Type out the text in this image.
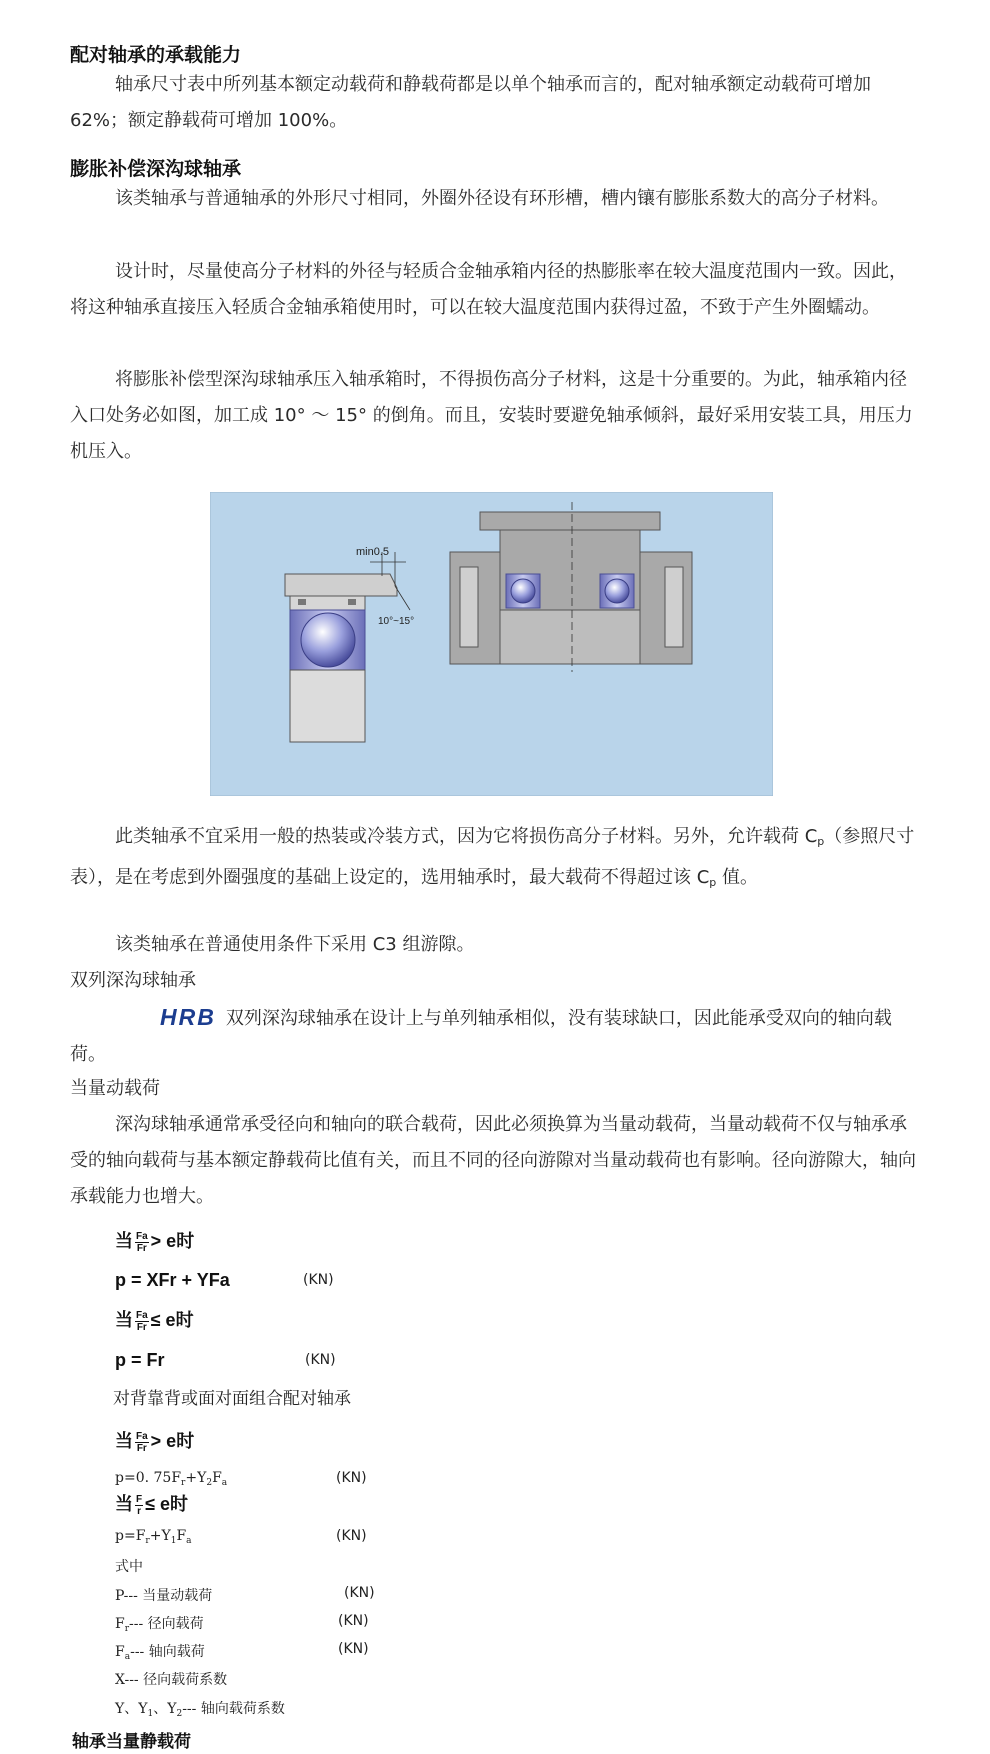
配对轴承的承载能力
轴承尺寸表中所列基本额定动载荷和静载荷都是以单个轴承而言的，配对轴承额定动载荷可增加 62%；额定静载荷可增加 100%。
膨胀补偿深沟球轴承
该类轴承与普通轴承的外形尺寸相同，外圈外径设有环形槽，槽内镶有膨胀系数大的高分子材料。
设计时，尽量使高分子材料的外径与轻质合金轴承箱内径的热膨胀率在较大温度范围内一致。因此，将这种轴承直接压入轻质合金轴承箱使用时，可以在较大温度范围内获得过盈，不致于产生外圈蠕动。
将膨胀补偿型深沟球轴承压入轴承箱时，不得损伤高分子材料，这是十分重要的。为此，轴承箱内径入口处务必如图，加工成 10° ～ 15° 的倒角。而且，安装时要避免轴承倾斜，最好采用安装工具，用压力机压入。
min0.5
10°~15°
此类轴承不宜采用一般的热装或冷装方式，因为它将损伤高分子材料。另外，允许载荷 $C_p$（参照尺寸表），是在考虑到外圈强度的基础上设定的，选用轴承时，最大载荷不得超过该 $C_p$ 值。
该类轴承在普通使用条件下采用 C3 组游隙。
双列深沟球轴承
HRB 双列深沟球轴承在设计上与单列轴承相似，没有装球缺口，因此能承受双向的轴向载荷。
当量动载荷
深沟球轴承通常承受径向和轴向的联合载荷，因此必须换算为当量动载荷，当量动载荷不仅与轴承承受的轴向载荷与基本额定静载荷比值有关，而且不同的径向游隙对当量动载荷也有影响。径向游隙大，轴向承载能力也增大。
当 $\frac{Fa}{Fr} > e$时
p = XFr + YFa	(KN)
当 $\frac{Fa}{Fr} \le e$时
p = Fr	(KN)
对背靠背或面对面组合配对轴承
当 $\frac{Fa}{Fr} > e$时
p=0. $75F_r+Y_2F_a$	(KN)
当 $\frac{F}{r} \le e$时
$p=F_r+Y_1F_a$	(KN)
式中
P--- 当量动载荷	(KN)
$F_r---$ 径向载荷	(KN)
$F_a---$ 轴向载荷	(KN)
X--- 径向载荷系数
Y、$Y_1$、$Y_2---$ 轴向载荷系数
轴承当量静载荷
